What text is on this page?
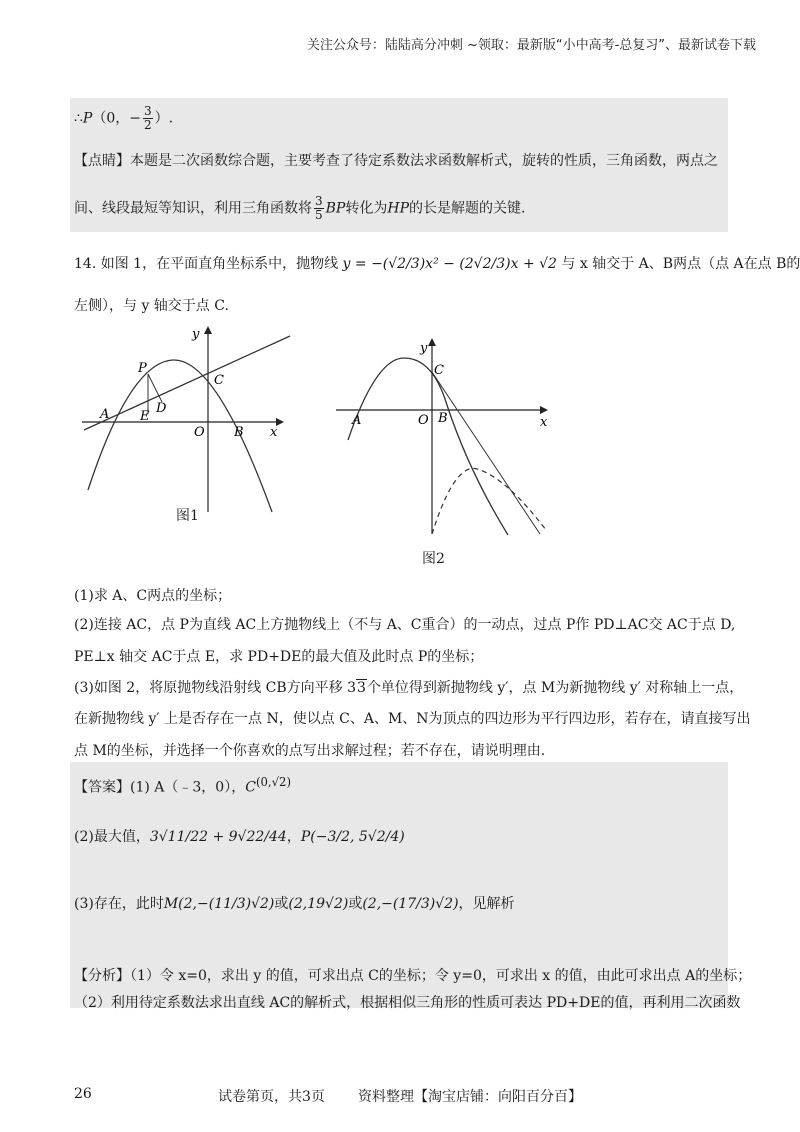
关注公众号：陆陆高分冲刺 ~领取：最新版“小中高考-总复习”、最新试卷下载
∴P（0，− $\frac{3}{2}$ ）.
【点睛】本题是二次函数综合题，主要考查了待定系数法求函数解析式，旋转的性质，三角函数，两点之
间、线段最短等知识，利用三角函数将 $\frac{3}{5}$ BP转化为HP的长是解题的关键.
14. 如图 1，在平面直角坐标系中，抛物线 y = −(√2/3)x² − (2√2/3)x + √2 与 x 轴交于 A、B两点（点 A在点 B的
左侧），与 y 轴交于点 C.
y
x
P
C
D
E
A
O B
图1
y
x
C
A	O B
图2
(1)求 A、C两点的坐标；
(2)连接 AC，点 P为直线 AC上方抛物线上（不与 A、C重合）的一动点，过点 P作 PD⊥AC交 AC于点 D,
PE⊥x 轴交 AC于点 E，求 PD+DE的最大值及此时点 P的坐标；
(3)如图 2，将原抛物线沿射线 CB方向平移 33个单位得到新抛物线 y′，点 M为新抛物线 y′ 对称轴上一点，
在新抛物线 y′ 上是否存在一点 N，使以点 C、A、M、N为顶点的四边形为平行四边形，若存在，请直接写出
点 M的坐标，并选择一个你喜欢的点写出求解过程；若不存在，请说明理由.
【答案】(1) A（﹣3，0），$C^{(0,√2)}$
(2)最大值，3√11/22 + 9√22/44，P(−3/2, 5√2/4)
(3)存在，此时M(2,−(11/3)√2)或(2,19√2)或(2,−(17/3)√2)，见解析
【分析】（1）令 x=0，求出 y 的值，可求出点 C的坐标；令 y=0，可求出 x 的值，由此可求出点 A的坐标；
（2）利用待定系数法求出直线 AC的解析式，根据相似三角形的性质可表达 PD+DE的值，再利用二次函数
26	试卷第页，共3页 资料整理【淘宝店铺：向阳百分百】
